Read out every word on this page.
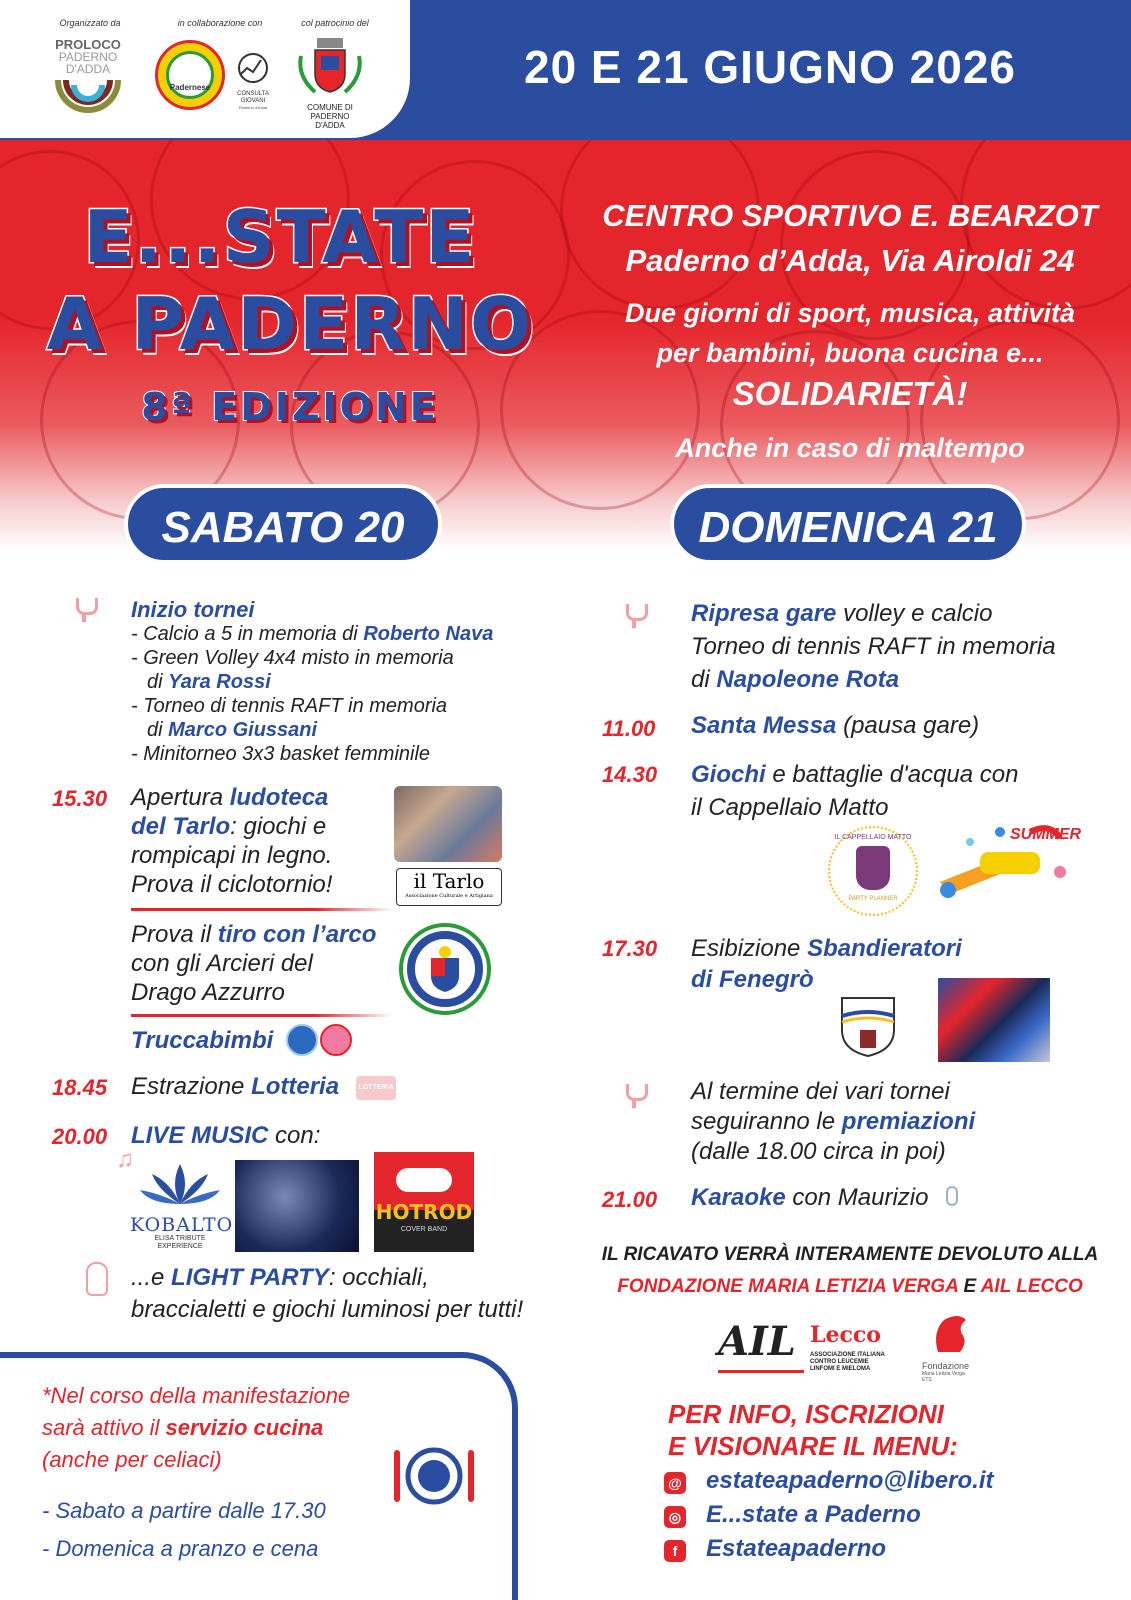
Organizzato da	in collaborazione con	col patrocinio del
PROLOCO
PADERNO
D'ADDA
Padernese
CONSULTA
GIOVANI
Paderno d'Adda	COMUNE DI
PADERNO D'ADDA
20 E 21 GIUGNO 2026
E...STATE
A PADERNO
8ª EDIZIONE
CENTRO SPORTIVO E. BEARZOT
Paderno d’Adda, Via Airoldi 24
Due giorni di sport, musica, attività
per bambini, buona cucina e...
SOLIDARIETÀ!
Anche in caso di maltempo
SABATO 20	DOMENICA 21
Inizio tornei
- Calcio a 5 in memoria di Roberto Nava
- Green Volley 4x4 misto in memoria
di Yara Rossi
- Torneo di tennis RAFT in memoria
di Marco Giussani
- Minitorneo 3x3 basket femminile
15.30 Apertura ludoteca
del Tarlo: giochi e
rompicapi in legno.
Prova il ciclotornio!	il Tarlo
Associazione Culturale e Artigiana
Prova il tiro con l’arco
con gli Arcieri del
Drago Azzurro
Truccabimbi
18.45 Estrazione Lotteria	LOTTERIA
20.00 LIVE MUSIC con:
♫
KOBALTO
ELISA TRIBUTE
EXPERIENCE
HOTROD
COVER BAND
...e LIGHT PARTY: occhiali,
braccialetti e giochi luminosi per tutti!
Ripresa gare volley e calcio
Torneo di tennis RAFT in memoria
di Napoleone Rota
11.00	Santa Messa (pausa gare)
14.30	Giochi e battaglie d'acqua con
il Cappellaio Matto
IL CAPPELLAIO MATTO
PARTY PLANNER
SUMMER
17.30	Esibizione Sbandieratori
di Fenegrò
Al termine dei vari tornei
seguiranno le premiazioni
(dalle 18.00 circa in poi)
21.00	Karaoke con Maurizio
IL RICAVATO VERRÀ INTERAMENTE DEVOLUTO ALLA
FONDAZIONE MARIA LETIZIA VERGA E AIL LECCO
AIL Lecco
ASSOCIAZIONE ITALIANA
CONTRO LEUCEMIE
LINFOMI E MIELOMA	Fondazione
Maria Letizia Verga
ETS
*Nel corso della manifestazione
sarà attivo il servizio cucina
(anche per celiaci)
- Sabato a partire dalle 17.30
- Domenica a pranzo e cena
PER INFO, ISCRIZIONI
E VISIONARE IL MENU:
@ estateapaderno@libero.it
◎ E...state a Paderno
f	Estateapaderno
